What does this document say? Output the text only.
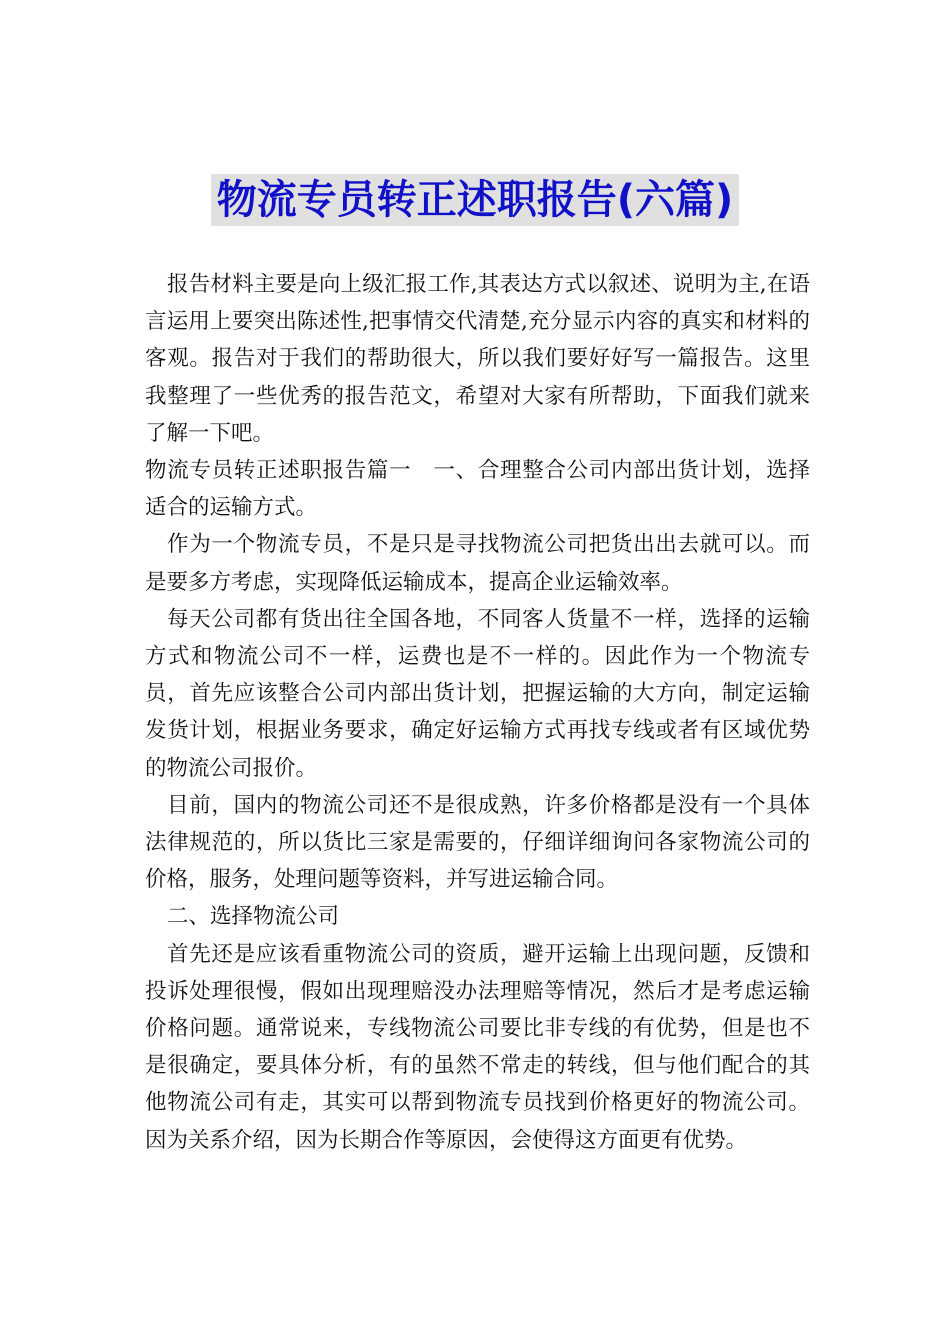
物流专员转正述职报告(六篇)

报告材料主要是向上级汇报工作,其表达方式以叙述、说明为主,在语言运用上要突出陈述性,把事情交代清楚,充分显示内容的真实和材料的客观。报告对于我们的帮助很大，所以我们要好好写一篇报告。这里我整理了一些优秀的报告范文，希望对大家有所帮助，下面我们就来了解一下吧。

物流专员转正述职报告篇一　一、合理整合公司内部出货计划，选择适合的运输方式。

作为一个物流专员，不是只是寻找物流公司把货出出去就可以。而是要多方考虑，实现降低运输成本，提高企业运输效率。

每天公司都有货出往全国各地，不同客人货量不一样，选择的运输方式和物流公司不一样，运费也是不一样的。因此作为一个物流专员，首先应该整合公司内部出货计划，把握运输的大方向，制定运输发货计划，根据业务要求，确定好运输方式再找专线或者有区域优势的物流公司报价。

目前，国内的物流公司还不是很成熟，许多价格都是没有一个具体法律规范的，所以货比三家是需要的，仔细详细询问各家物流公司的价格，服务，处理问题等资料，并写进运输合同。

二、选择物流公司

首先还是应该看重物流公司的资质，避开运输上出现问题，反馈和投诉处理很慢，假如出现理赔没办法理赔等情况，然后才是考虑运输价格问题。通常说来，专线物流公司要比非专线的有优势，但是也不是很确定，要具体分析，有的虽然不常走的转线，但与他们配合的其他物流公司有走，其实可以帮到物流专员找到价格更好的物流公司。因为关系介绍，因为长期合作等原因，会使得这方面更有优势。
